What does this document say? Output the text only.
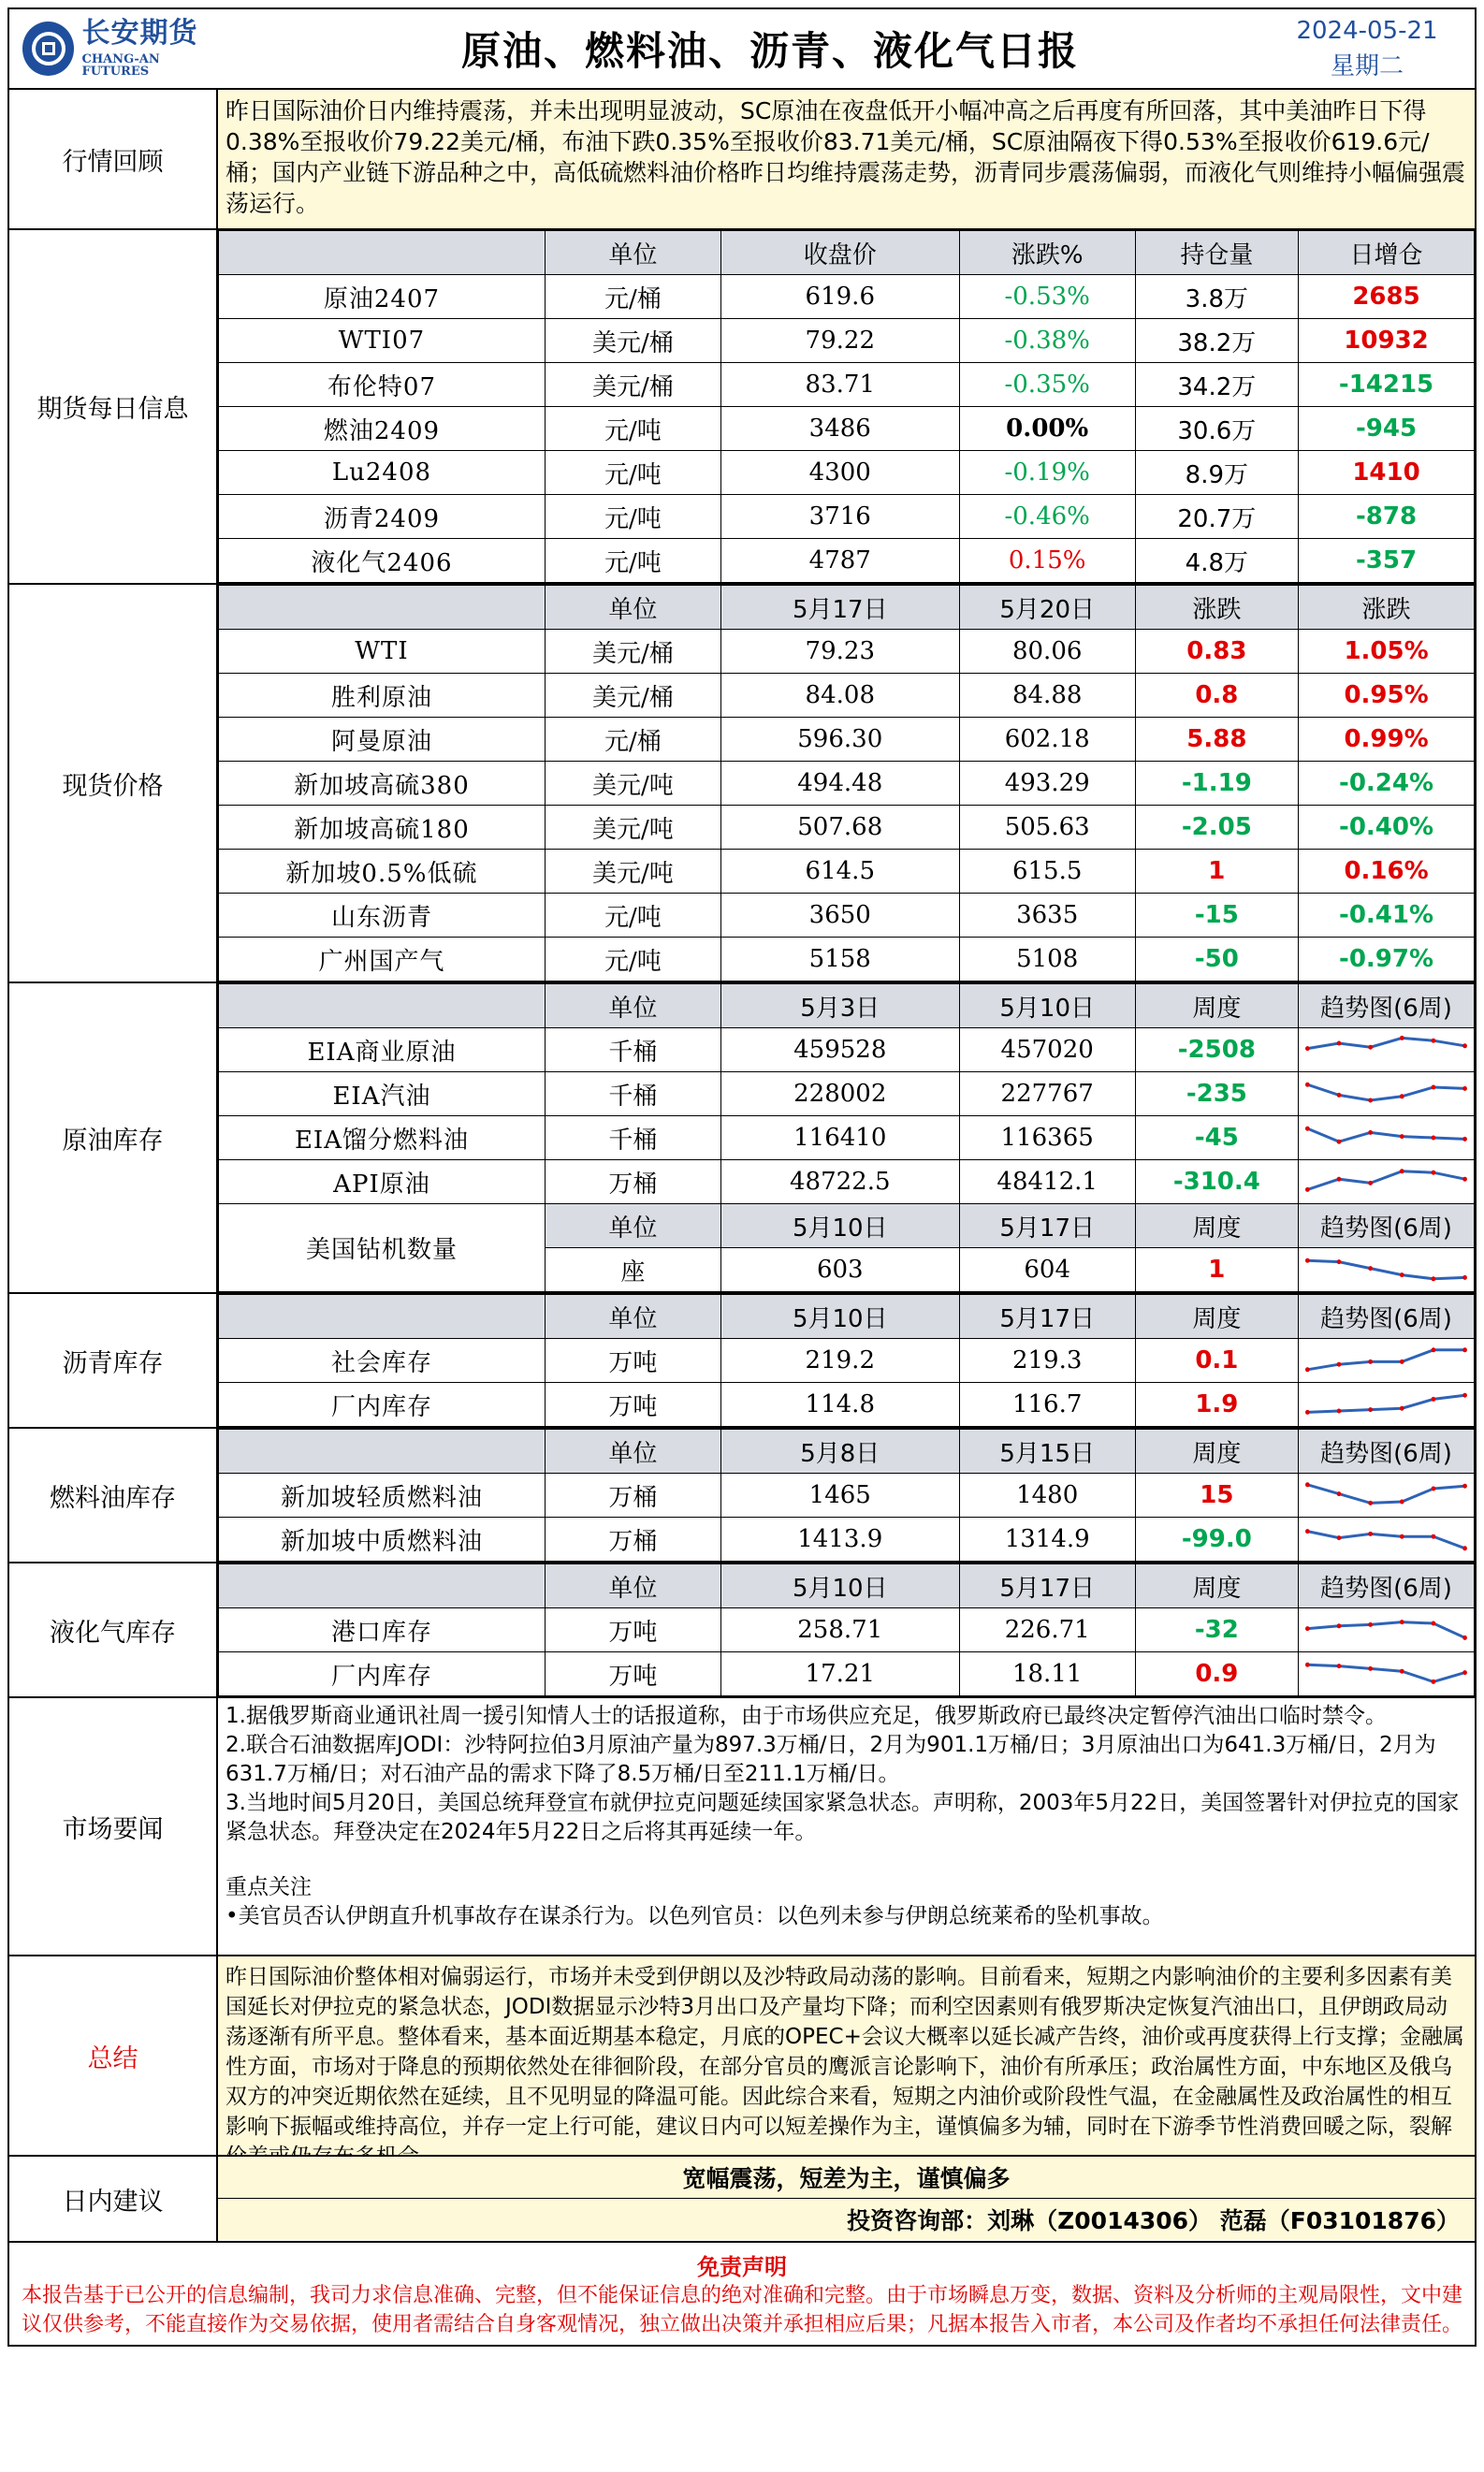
长安期货
CHANG-AN FUTURES	原油、燃料油、沥青、液化气日报	2024-05-21
星期二
行情回顾
昨日国际油价日内维持震荡，并未出现明显波动，SC原油在夜盘低开小幅冲高之后再度有所回落，其中美油昨日下得0.38%至报收价79.22美元/桶，布油下跌0.35%至报收价83.71美元/桶，SC原油隔夜下得0.53%至报收价619.6元/桶；国内产业链下游品种之中，高低硫燃料油价格昨日均维持震荡走势，沥青同步震荡偏弱，而液化气则维持小幅偏强震荡运行。
期货每日信息
	单位	收盘价	涨跌%	持仓量	日增仓
原油2407	元/桶	619.6	-0.53%	3.8万	2685
WTI07	美元/桶	79.22	-0.38%	38.2万	10932
布伦特07	美元/桶	83.71	-0.35%	34.2万	-14215
燃油2409	元/吨	3486	0.00%	30.6万	-945
Lu2408	元/吨	4300	-0.19%	8.9万	1410
沥青2409	元/吨	3716	-0.46%	20.7万	-878
液化气2406	元/吨	4787	0.15%	4.8万	-357
现货价格
	单位	5月17日	5月20日	涨跌	涨跌
WTI	美元/桶	79.23	80.06	0.83	1.05%
胜利原油	美元/桶	84.08	84.88	0.8	0.95%
阿曼原油	元/桶	596.30	602.18	5.88	0.99%
新加坡高硫380	美元/吨	494.48	493.29	-1.19	-0.24%
新加坡高硫180	美元/吨	507.68	505.63	-2.05	-0.40%
新加坡0.5%低硫	美元/吨	614.5	615.5	1	0.16%
山东沥青	元/吨	3650	3635	-15	-0.41%
广州国产气	元/吨	5158	5108	-50	-0.97%
原油库存
	单位	5月3日	5月10日	周度	趋势图(6周)
EIA商业原油	千桶	459528	457020	-2508	

EIA汽油	千桶	228002	227767	-235	

EIA馏分燃料油	千桶	116410	116365	-45	

API原油	万桶	48722.5	48412.1	-310.4	

美国钻机数量	单位	5月10日	5月17日	周度	趋势图(6周)
	座	603	604	1	
沥青库存
	单位	5月10日	5月17日	周度	趋势图(6周)
社会库存	万吨	219.2	219.3	0.1	

厂内库存	万吨	114.8	116.7	1.9	
燃料油库存
	单位	5月8日	5月15日	周度	趋势图(6周)
新加坡轻质燃料油	万桶	1465	1480	15	

新加坡中质燃料油	万桶	1413.9	1314.9	-99.0	
液化气库存
	单位	5月10日	5月17日	周度	趋势图(6周)
港口库存	万吨	258.71	226.71	-32	

厂内库存	万吨	17.21	18.11	0.9	
市场要闻
1.据俄罗斯商业通讯社周一援引知情人士的话报道称，由于市场供应充足，俄罗斯政府已最终决定暂停汽油出口临时禁令。
2.联合石油数据库JODI：沙特阿拉伯3月原油产量为897.3万桶/日，2月为901.1万桶/日；3月原油出口为641.3万桶/日，2月为631.7万桶/日；对石油产品的需求下降了8.5万桶/日至211.1万桶/日。
3.当地时间5月20日，美国总统拜登宣布就伊拉克问题延续国家紧急状态。声明称，2003年5月22日，美国签署针对伊拉克的国家紧急状态。拜登决定在2024年5月22日之后将其再延续一年。
重点关注
•美官员否认伊朗直升机事故存在谋杀行为。以色列官员：以色列未参与伊朗总统莱希的坠机事故。
总结
昨日国际油价整体相对偏弱运行，市场并未受到伊朗以及沙特政局动荡的影响。目前看来，短期之内影响油价的主要利多因素有美国延长对伊拉克的紧急状态，JODI数据显示沙特3月出口及产量均下降；而利空因素则有俄罗斯决定恢复汽油出口，且伊朗政局动荡逐渐有所平息。整体看来，基本面近期基本稳定，月底的OPEC+会议大概率以延长减产告终，油价或再度获得上行支撑；金融属性方面，市场对于降息的预期依然处在徘徊阶段，在部分官员的鹰派言论影响下，油价有所承压；政治属性方面，中东地区及俄乌双方的冲突近期依然在延续，且不见明显的降温可能。因此综合来看，短期之内油价或阶段性气温，在金融属性及政治属性的相互影响下振幅或维持高位，并存一定上行可能，建议日内可以短差操作为主，谨慎偏多为辅，同时在下游季节性消费回暖之际，裂解
日内建议
宽幅震荡，短差为主，谨慎偏多
投资咨询部：刘琳（Z0014306） 范磊（F03101876）
免责声明
本报告基于已公开的信息编制，我司力求信息准确、完整，但不能保证信息的绝对准确和完整。由于市场瞬息万变，数据、资料及分析师的主观局限性，文中建议仅供参考，不能直接作为交易依据，使用者需结合自身客观情况，独立做出决策并承担相应后果；凡据本报告入市者，本公司及作者均不承担任何法律责任。
